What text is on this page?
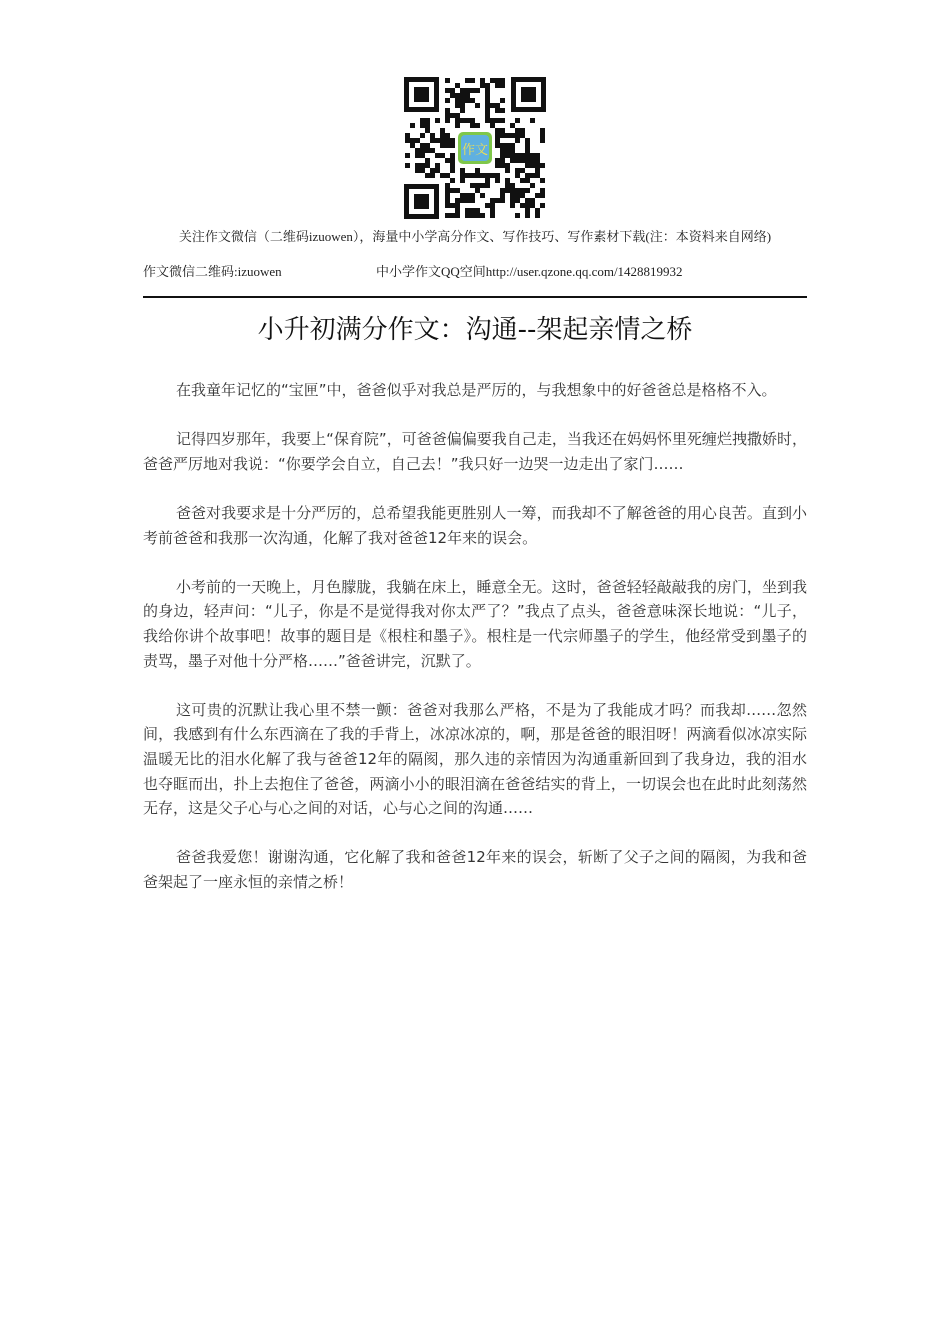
作文
关注作文微信（二维码izuowen），海量中小学高分作文、写作技巧、写作素材下载(注：本资料来自网络)
作文微信二维码:izuowen	中小学作文QQ空间http://user.qzone.qq.com/1428819932
小升初满分作文：沟通--架起亲情之桥

在我童年记忆的“宝匣”中，爸爸似乎对我总是严厉的，与我想象中的好爸爸总是格格不入。

记得四岁那年，我要上“保育院”，可爸爸偏偏要我自己走，当我还在妈妈怀里死缠烂拽撒娇时，爸爸严厉地对我说：“你要学会自立，自己去！”我只好一边哭一边走出了家门……

爸爸对我要求是十分严厉的，总希望我能更胜别人一筹，而我却不了解爸爸的用心良苦。直到小考前爸爸和我那一次沟通，化解了我对爸爸12年来的误会。

小考前的一天晚上，月色朦胧，我躺在床上，睡意全无。这时，爸爸轻轻敲敲我的房门，坐到我的身边，轻声问：“儿子，你是不是觉得我对你太严了？”我点了点头，爸爸意味深长地说：“儿子，我给你讲个故事吧！故事的题目是《根柱和墨子》。根柱是一代宗师墨子的学生，他经常受到墨子的责骂，墨子对他十分严格……”爸爸讲完，沉默了。

这可贵的沉默让我心里不禁一颤：爸爸对我那么严格，不是为了我能成才吗？而我却……忽然间，我感到有什么东西滴在了我的手背上，冰凉冰凉的，啊，那是爸爸的眼泪呀！两滴看似冰凉实际温暖无比的泪水化解了我与爸爸12年的隔阂，那久违的亲情因为沟通重新回到了我身边，我的泪水也夺眶而出，扑上去抱住了爸爸，两滴小小的眼泪滴在爸爸结实的背上，一切误会也在此时此刻荡然无存，这是父子心与心之间的对话，心与心之间的沟通……

爸爸我爱您！谢谢沟通，它化解了我和爸爸12年来的误会，斩断了父子之间的隔阂，为我和爸爸架起了一座永恒的亲情之桥！
